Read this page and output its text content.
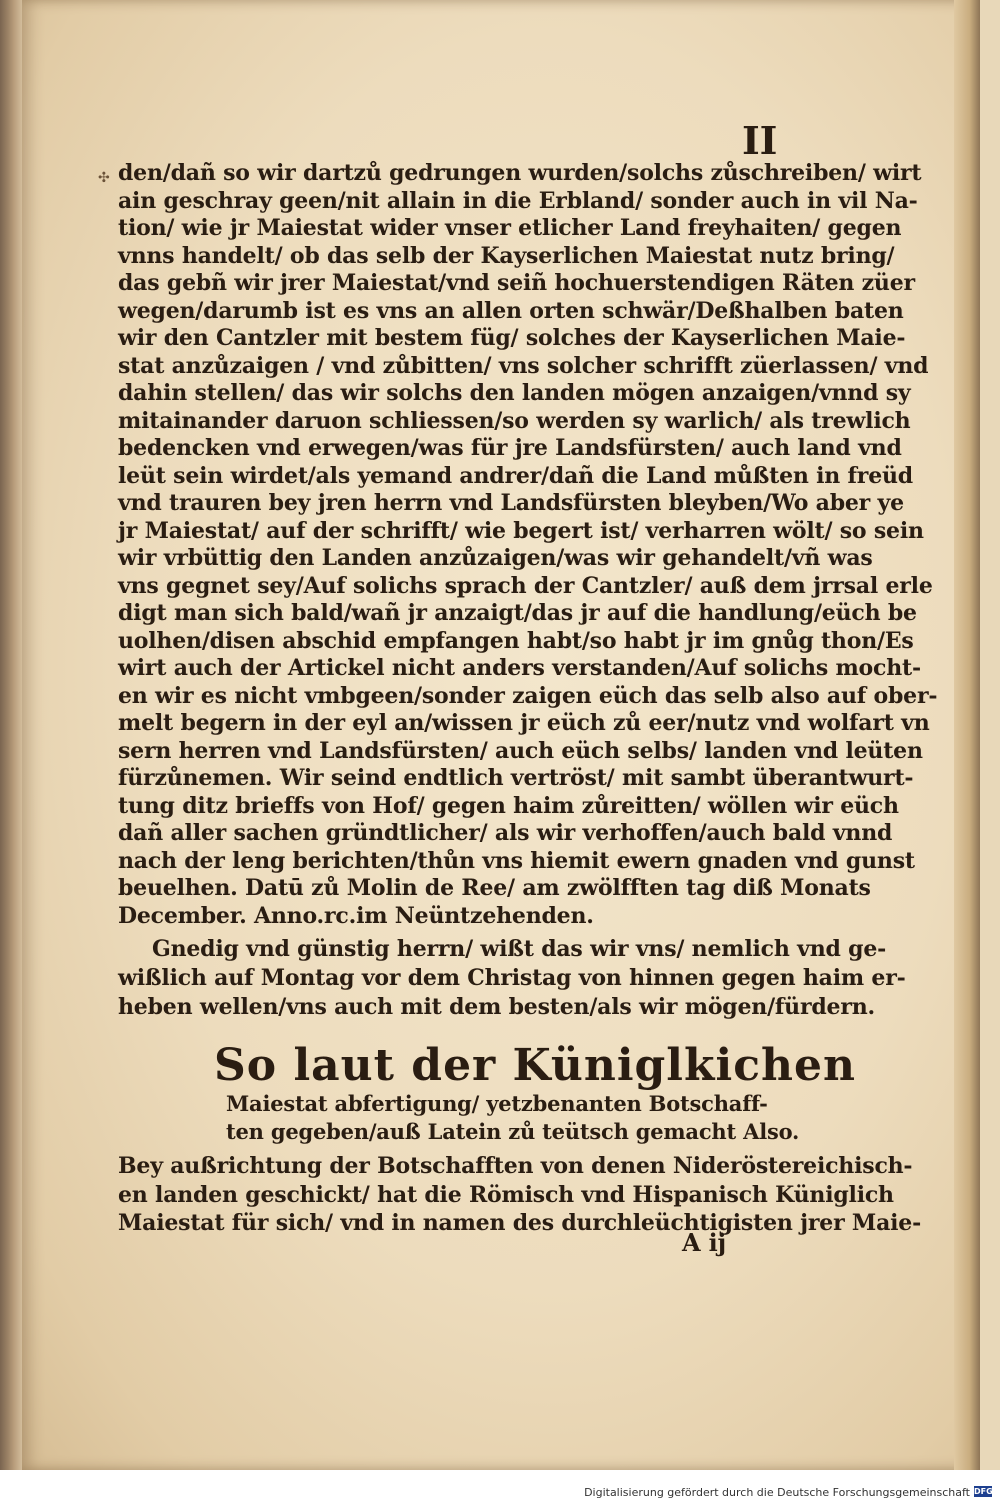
II
✣ den/dañ so wir dartzů gedrungen wurden/solchs zůschreiben/ wirt
ain geschray geen/nit allain in die Erbland/ sonder auch in vil Na-
tion/ wie jr Maiestat wider vnser etlicher Land freyhaiten/ gegen
vnns handelt/ ob das selb der Kayserlichen Maiestat nutz bring/
das gebñ wir jrer Maiestat/vnd seiñ hochuerstendigen Räten züer
wegen/darumb ist es vns an allen orten schwär/Deßhalben baten
wir den Cantzler mit bestem füg/ solches der Kayserlichen Maie-
stat anzůzaigen / vnd zůbitten/ vns solcher schrifft züerlassen/ vnd
dahin stellen/ das wir solchs den landen mögen anzaigen/vnnd sy
mitainander daruon schliessen/so werden sy warlich/ als trewlich
bedencken vnd erwegen/was für jre Landsfürsten/ auch land vnd
leüt sein wirdet/als yemand andrer/dañ die Land můßten in freüd
vnd trauren bey jren herrn vnd Landsfürsten bleyben/Wo aber ye
jr Maiestat/ auf der schrifft/ wie begert ist/ verharren wölt/ so sein
wir vrbüttig den Landen anzůzaigen/was wir gehandelt/vñ was
vns gegnet sey/Auf solichs sprach der Cantzler/ auß dem jrrsal erle
digt man sich bald/wañ jr anzaigt/das jr auf die handlung/eüch be
uolhen/disen abschid empfangen habt/so habt jr im gnůg thon/Es
wirt auch der Artickel nicht anders verstanden/Auf solichs mocht-
en wir es nicht vmbgeen/sonder zaigen eüch das selb also auf ober-
melt begern in der eyl an/wissen jr eüch zů eer/nutz vnd wolfart vn
sern herren vnd Landsfürsten/ auch eüch selbs/ landen vnd leüten
fürzůnemen. Wir seind endtlich vertröst/ mit sambt überantwurt-
tung ditz brieffs von Hof/ gegen haim zůreitten/ wöllen wir eüch
dañ aller sachen gründtlicher/ als wir verhoffen/auch bald vnnd
nach der leng berichten/thůn vns hiemit ewern gnaden vnd gunst
beuelhen. Datū zů Molin de Ree/ am zwölfften tag diß Monats
December. Anno.rc.im Neüntzehenden.
Gnedig vnd günstig herrn/ wißt das wir vns/ nemlich vnd ge-
wißlich auf Montag vor dem Christag von hinnen gegen haim er-
heben wellen/vns auch mit dem besten/als wir mögen/fürdern.
So laut der Küniglkichen
Maiestat abfertigung/ yetzbenanten Botschaff-
ten gegeben/auß Latein zů teütsch gemacht Also.
Bey außrichtung der Botschafften von denen Nideröstereichisch-
en landen geschickt/ hat die Römisch vnd Hispanisch Küniglich
Maiestat für sich/ vnd in namen des durchleüchtigisten jrer Maie-
A ij
Digitalisierung gefördert durch die Deutsche Forschungsgemeinschaft DFG
